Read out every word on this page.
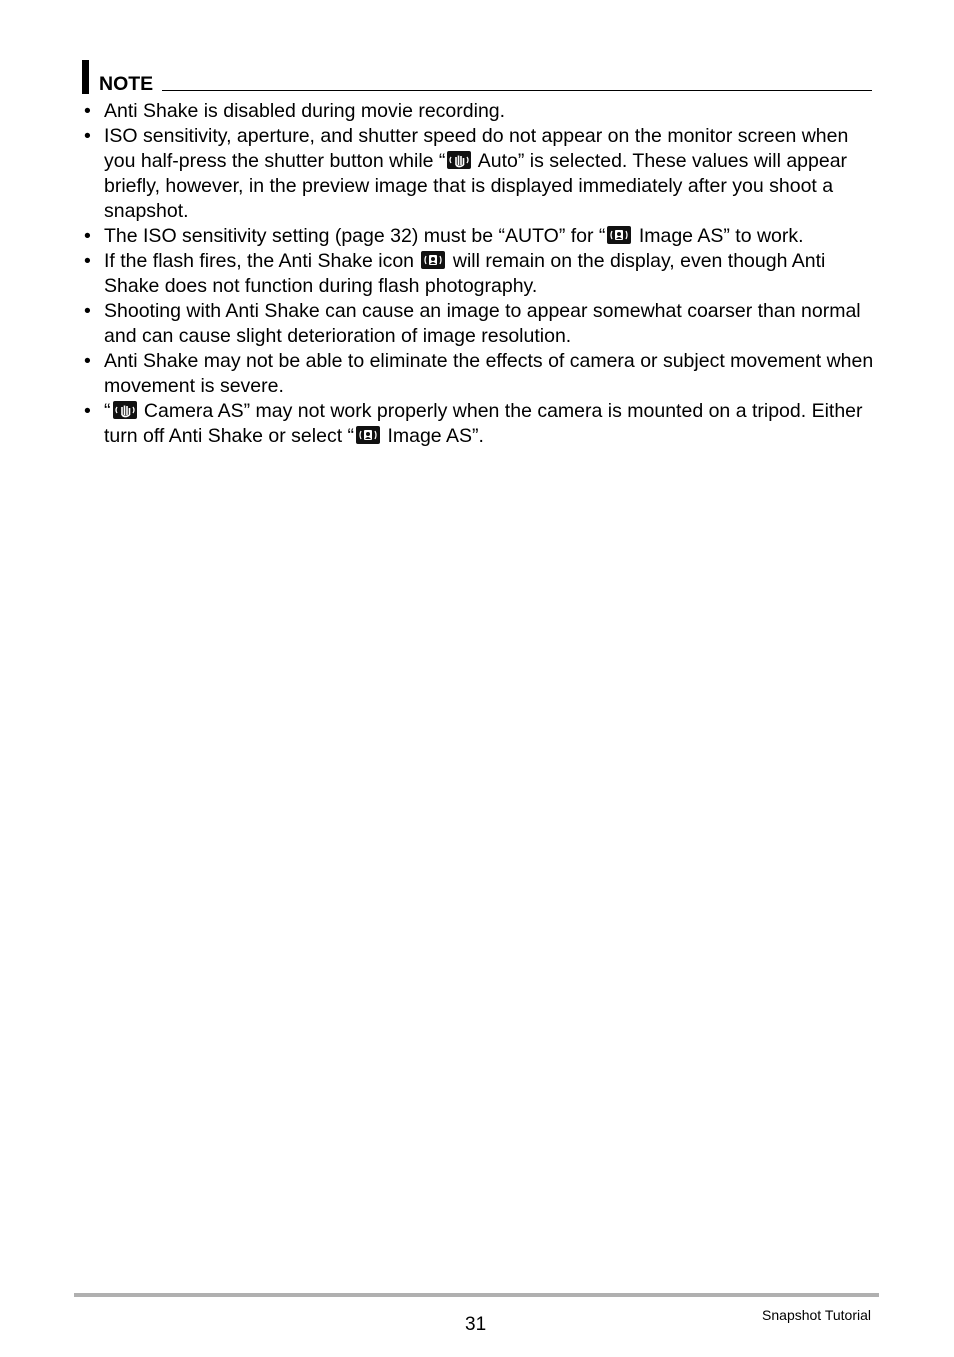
NOTE
• Anti Shake is disabled during movie recording.
• ISO sensitivity, aperture, and shutter speed do not appear on the monitor screen when you half-press the shutter button while “
Auto” is selected. These values will appear briefly, however, in the preview image that is displayed immediately after you shoot a snapshot.
• The ISO sensitivity setting (page 32) must be “AUTO” for “
Image AS” to work.
• If the flash fires, the Anti Shake icon
will remain on the display, even though Anti Shake does not function during flash photography.
• Shooting with Anti Shake can cause an image to appear somewhat coarser than normal and can cause slight deterioration of image resolution.
• Anti Shake may not be able to eliminate the effects of camera or subject movement when movement is severe.
• “
Camera AS” may not work properly when the camera is mounted on a tripod. Either turn off Anti Shake or select “
Image AS”.
31	Snapshot Tutorial
